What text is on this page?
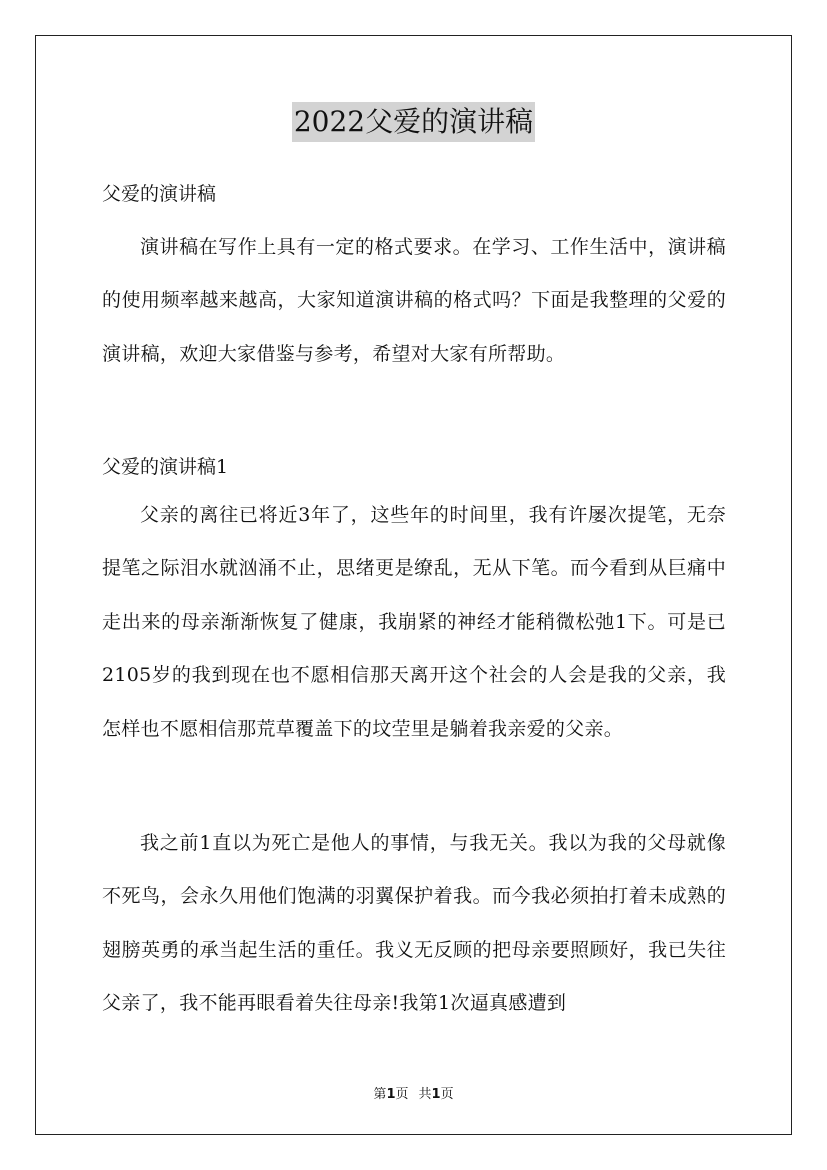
2022父爱的演讲稿

父爱的演讲稿

演讲稿在写作上具有一定的格式要求。在学习、工作生活中，演讲稿的使用频率越来越高，大家知道演讲稿的格式吗？下面是我整理的父爱的演讲稿，欢迎大家借鉴与参考，希望对大家有所帮助。

父爱的演讲稿1

父亲的离往已将近3年了，这些年的时间里，我有许屡次提笔，无奈提笔之际泪水就汹涌不止，思绪更是缭乱，无从下笔。而今看到从巨痛中走出来的母亲渐渐恢复了健康，我崩紧的神经才能稍微松弛1下。可是已2105岁的我到现在也不愿相信那天离开这个社会的人会是我的父亲，我怎样也不愿相信那荒草覆盖下的坟茔里是躺着我亲爱的父亲。

我之前1直以为死亡是他人的事情，与我无关。我以为我的父母就像不死鸟，会永久用他们饱满的羽翼保护着我。而今我必须拍打着未成熟的翅膀英勇的承当起生活的重任。我义无反顾的把母亲要照顾好，我已失往父亲了，我不能再眼看着失往母亲!我第1次逼真感遭到

第1页 共1页
